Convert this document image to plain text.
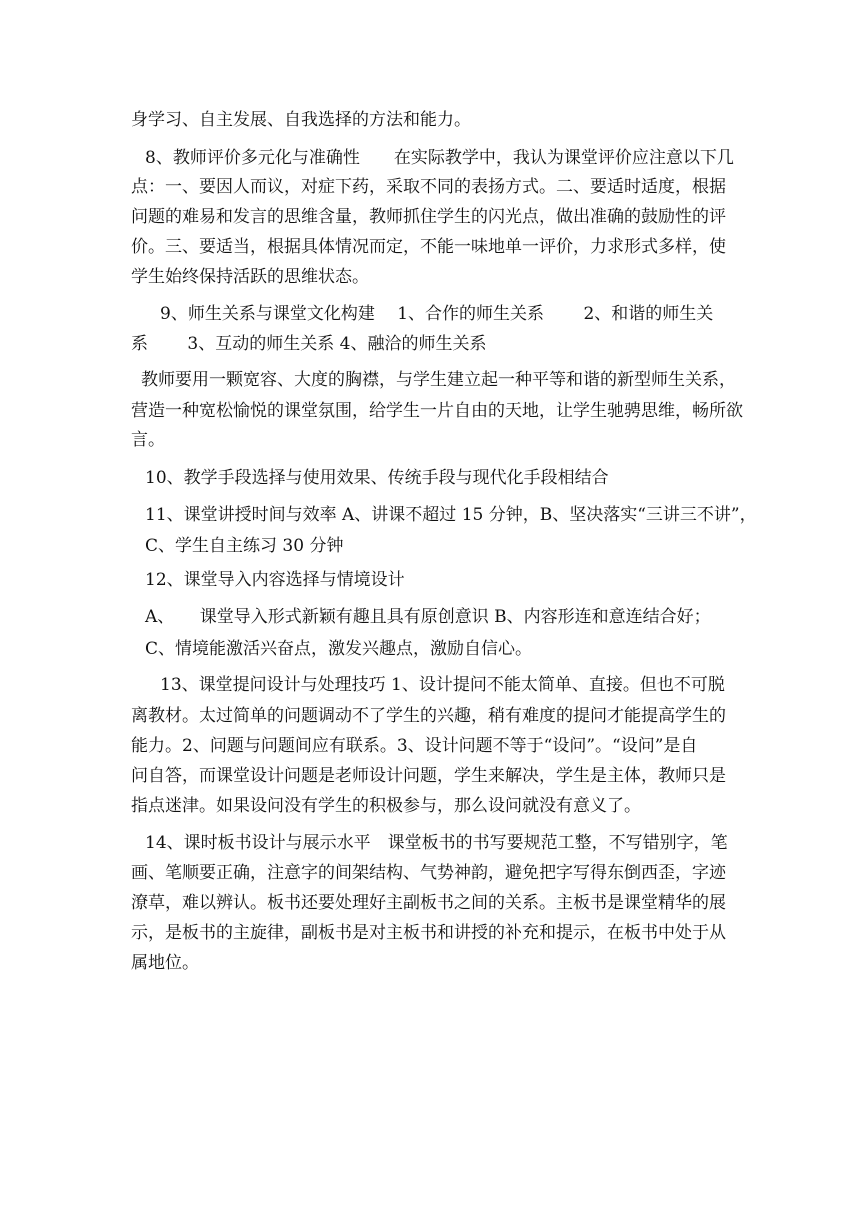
身学习、自主发展、自我选择的方法和能力。
8、教师评价多元化与准确性　　在实际教学中，我认为课堂评价应注意以下几
点：一、要因人而议，对症下药，采取不同的表扬方式。二、要适时适度，根据
问题的难易和发言的思维含量，教师抓住学生的闪光点，做出准确的鼓励性的评
价。三、要适当，根据具体情况而定，不能一味地单一评价，力求形式多样，使
学生始终保持活跃的思维状态。
9、师生关系与课堂文化构建　 1、合作的师生关系　　 2、和谐的师生关
系　　 3、互动的师生关系 4、融洽的师生关系
教师要用一颗宽容、大度的胸襟，与学生建立起一种平等和谐的新型师生关系，
营造一种宽松愉悦的课堂氛围，给学生一片自由的天地，让学生驰骋思维，畅所欲
言。
10、教学手段选择与使用效果、传统手段与现代化手段相结合
11、课堂讲授时间与效率 A、讲课不超过 15 分钟，B、坚决落实“三讲三不讲”，
C、学生自主练习 30 分钟
12、课堂导入内容选择与情境设计
A、　　课堂导入形式新颖有趣且具有原创意识 B、内容形连和意连结合好；
C、情境能激活兴奋点，激发兴趣点，激励自信心。
13、课堂提问设计与处理技巧 1、设计提问不能太简单、直接。但也不可脱
离教材。太过简单的问题调动不了学生的兴趣，稍有难度的提问才能提高学生的
能力。2、问题与问题间应有联系。3、设计问题不等于“设问”。“设问”是自
问自答，而课堂设计问题是老师设计问题，学生来解决，学生是主体，教师只是
指点迷津。如果设问没有学生的积极参与，那么设问就没有意义了。
14、课时板书设计与展示水平　课堂板书的书写要规范工整，不写错别字，笔
画、笔顺要正确，注意字的间架结构、气势神韵，避免把字写得东倒西歪，字迹
潦草，难以辨认。板书还要处理好主副板书之间的关系。主板书是课堂精华的展
示，是板书的主旋律，副板书是对主板书和讲授的补充和提示，在板书中处于从
属地位。
